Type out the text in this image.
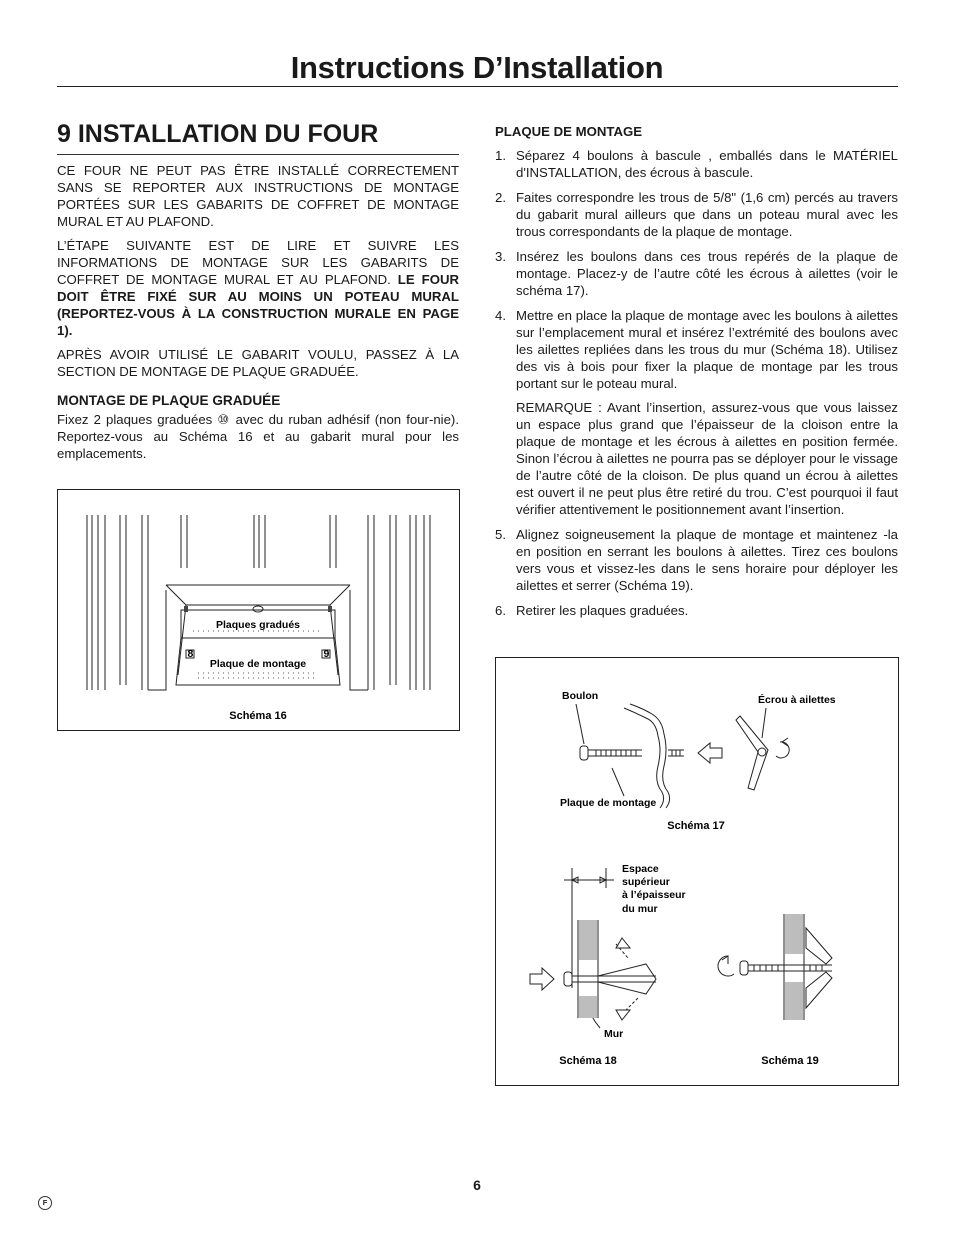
Instructions D’Installation
9 INSTALLATION DU FOUR

CE FOUR NE PEUT PAS ÊTRE INSTALLÉ CORRECTEMENT SANS SE REPORTER AUX INSTRUCTIONS DE MONTAGE PORTÉES SUR LES GABARITS DE COFFRET DE MONTAGE MURAL ET AU PLAFOND.

L’ÉTAPE SUIVANTE EST DE LIRE ET SUIVRE LES INFORMATIONS DE MONTAGE SUR LES GABARITS DE COFFRET DE MONTAGE MURAL ET AU PLAFOND. LE FOUR DOIT ÊTRE FIXÉ SUR AU MOINS UN POTEAU MURAL (REPORTEZ-VOUS À LA CONSTRUCTION MURALE EN PAGE 1).

APRÈS AVOIR UTILISÉ LE GABARIT VOULU, PASSEZ À LA SECTION DE MONTAGE DE PLAQUE GRADUÉE.

MONTAGE DE PLAQUE GRADUÉE

Fixez 2 plaques graduées ⑩ avec du ruban adhésif (non four-nie). Reportez-vous au Schéma 16 et au gabarit mural pour les emplacements.

8	9
Plaques gradués
Plaque de montage
Schéma 16
PLAQUE DE MONTAGE
1. Séparez 4 boulons à bascule , emballés dans le MATÉRIEL d'INSTALLATION, des écrous à bascule.
2. Faites correspondre les trous de 5/8" (1,6 cm) percés au travers du gabarit mural ailleurs que dans un poteau mural avec les trous correspondants de la plaque de montage.
3. Insérez les boulons dans ces trous repérés de la plaque de montage. Placez-y de l’autre côté les écrous à ailettes (voir le schéma 17).
4. Mettre en place la plaque de montage avec les boulons à ailettes sur l’emplacement mural et insérez l’extrémité des boulons avec les ailettes repliées dans les trous du mur (Schéma 18). Utilisez des vis à bois pour fixer la plaque de montage par les trous portant sur le poteau mural.

REMARQUE : Avant l’insertion, assurez-vous que vous laissez un espace plus grand que l’épaisseur de la cloison entre la plaque de montage et les écrous à ailettes en position fermée. Sinon l’écrou à ailettes ne pourra pas se déployer pour le vissage de l’autre côté de la cloison. De plus quand un écrou à ailettes est ouvert il ne peut plus être retiré du trou. C’est pourquoi il faut vérifier attentivement le positionnement avant l’insertion.

5. Alignez soigneusement la plaque de montage et maintenez -la en position en serrant les boulons à ailettes. Tirez ces boulons vers vous et vissez-les dans le sens horaire pour déployer les ailettes et serrer (Schéma 19).
6. Retirer les plaques graduées.
Boulon	Écrou à ailettes
Plaque de montage
Schéma 17
Espace
supérieur
à l’épaisseur
du mur
Mur
Schéma 18	Schéma 19
6
F
